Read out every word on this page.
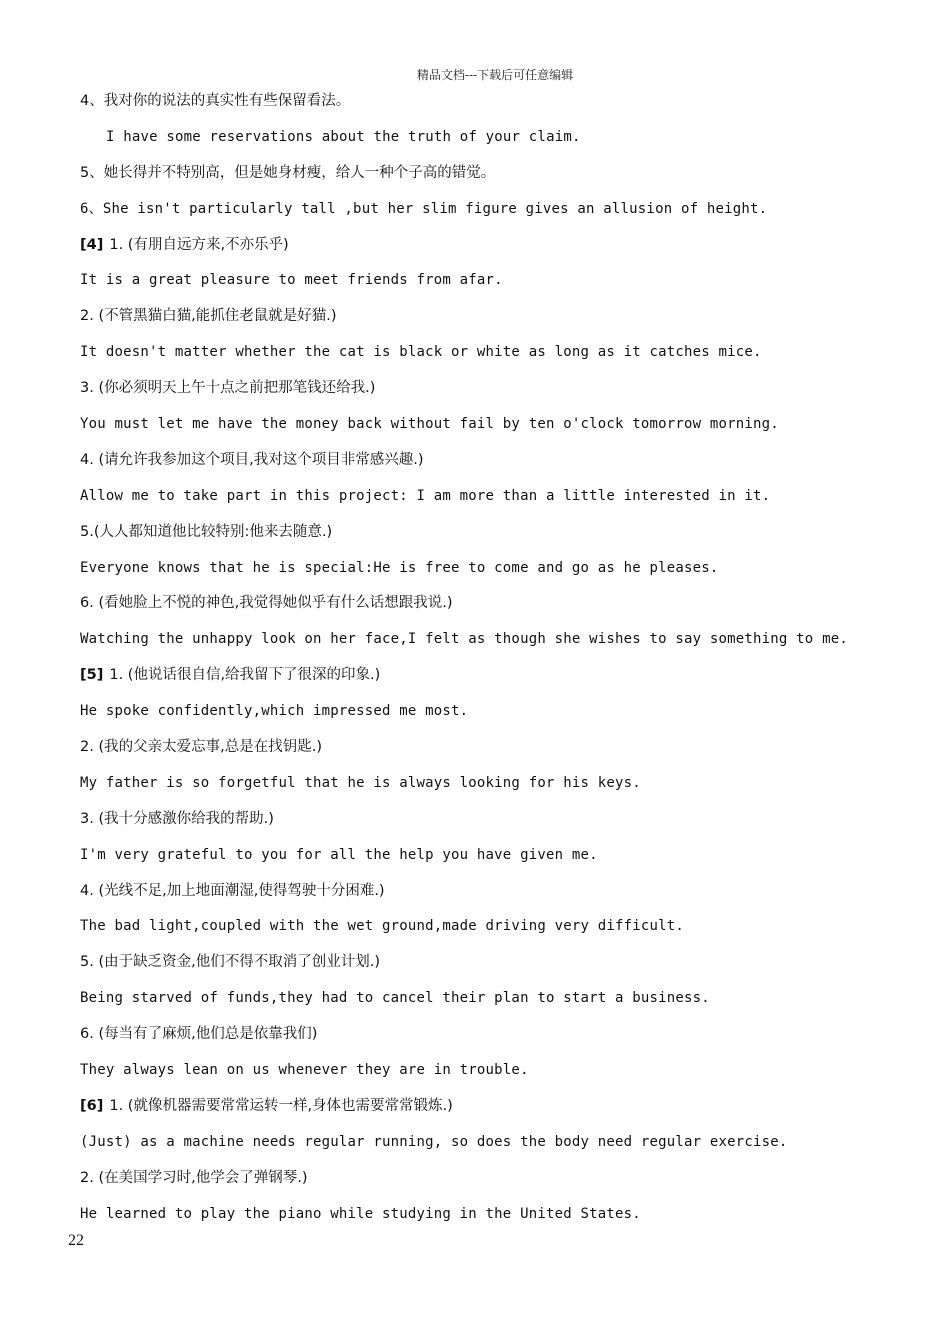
精品文档---下载后可任意编辑
4、我对你的说法的真实性有些保留看法。
I have some reservations about the truth of your claim.
5、她长得并不特别高，但是她身材瘦，给人一种个子高的错觉。
6、She isn't particularly tall ,but her slim figure gives an allusion of height.
[4] 1. (有朋自远方来,不亦乐乎)
It is a great pleasure to meet friends from afar.
2. (不管黑猫白猫,能抓住老鼠就是好猫.)
It doesn't matter whether the cat is black or white as long as it catches mice.
3. (你必须明天上午十点之前把那笔钱还给我.)
You must let me have the money back without fail by ten o'clock tomorrow morning.
4. (请允许我参加这个项目,我对这个项目非常感兴趣.)
Allow me to take part in this project: I am more than a little interested in it.
5.(人人都知道他比较特别:他来去随意.)
Everyone knows that he is special:He is free to come and go as he pleases.
6. (看她脸上不悦的神色,我觉得她似乎有什么话想跟我说.)
Watching the unhappy look on her face,I felt as though she wishes to say something to me.
[5] 1. (他说话很自信,给我留下了很深的印象.)
He spoke confidently,which impressed me most.
2. (我的父亲太爱忘事,总是在找钥匙.)
My father is so forgetful that he is always looking for his keys.
3. (我十分感激你给我的帮助.)
I'm very grateful to you for all the help you have given me.
4. (光线不足,加上地面潮湿,使得驾驶十分困难.)
The bad light,coupled with the wet ground,made driving very difficult.
5. (由于缺乏资金,他们不得不取消了创业计划.)
Being starved of funds,they had to cancel their plan to start a business.
6. (每当有了麻烦,他们总是依靠我们)
They always lean on us whenever they are in trouble.
[6] 1. (就像机器需要常常运转一样,身体也需要常常锻炼.)
(Just) as a machine needs regular running, so does the body need regular exercise.
2. (在美国学习时,他学会了弹钢琴.)
He learned to play the piano while studying in the United States.
22
